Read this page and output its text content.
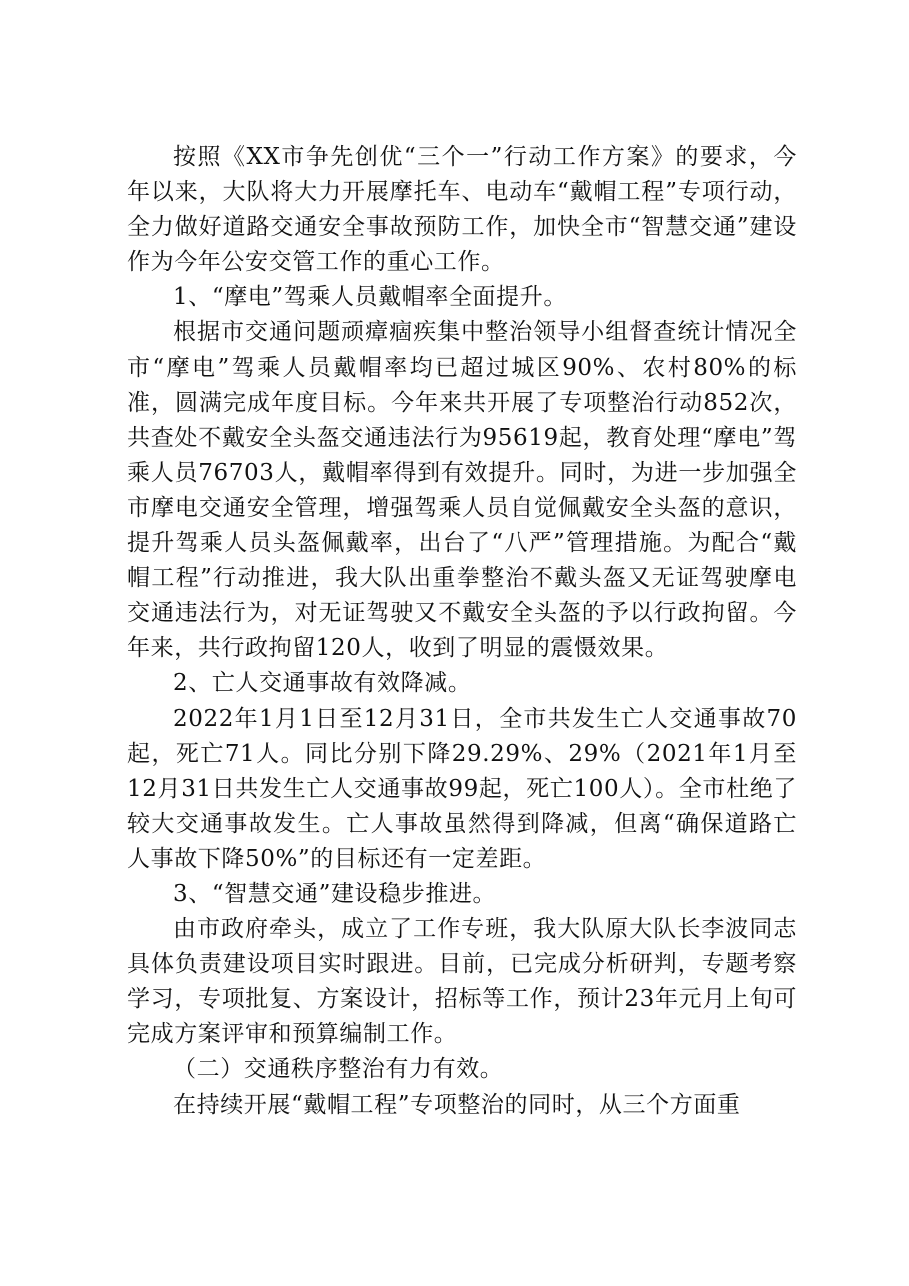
按照《XX市争先创优“三个一”行动工作方案》的要求，今年以来，大队将大力开展摩托车、电动车“戴帽工程”专项行动，全力做好道路交通安全事故预防工作，加快全市“智慧交通”建设作为今年公安交管工作的重心工作。

1、“摩电”驾乘人员戴帽率全面提升。

根据市交通问题顽瘴痼疾集中整治领导小组督查统计情况全市“摩电”驾乘人员戴帽率均已超过城区90%、农村80%的标准，圆满完成年度目标。今年来共开展了专项整治行动852次，共查处不戴安全头盔交通违法行为95619起，教育处理“摩电”驾乘人员76703人，戴帽率得到有效提升。同时，为进一步加强全市摩电交通安全管理，增强驾乘人员自觉佩戴安全头盔的意识，提升驾乘人员头盔佩戴率，出台了“八严”管理措施。为配合“戴帽工程”行动推进，我大队出重拳整治不戴头盔又无证驾驶摩电交通违法行为，对无证驾驶又不戴安全头盔的予以行政拘留。今年来，共行政拘留120人，收到了明显的震慑效果。

2、亡人交通事故有效降减。

2022年1月1日至12月31日，全市共发生亡人交通事故70起，死亡71人。同比分别下降29.29%、29%（2021年1月至12月31日共发生亡人交通事故99起，死亡100人）。全市杜绝了较大交通事故发生。亡人事故虽然得到降减，但离“确保道路亡人事故下降50%”的目标还有一定差距。

3、“智慧交通”建设稳步推进。

由市政府牵头，成立了工作专班，我大队原大队长李波同志具体负责建设项目实时跟进。目前，已完成分析研判，专题考察学习，专项批复、方案设计，招标等工作，预计23年元月上旬可完成方案评审和预算编制工作。

（二）交通秩序整治有力有效。

在持续开展“戴帽工程”专项整治的同时，从三个方面重
